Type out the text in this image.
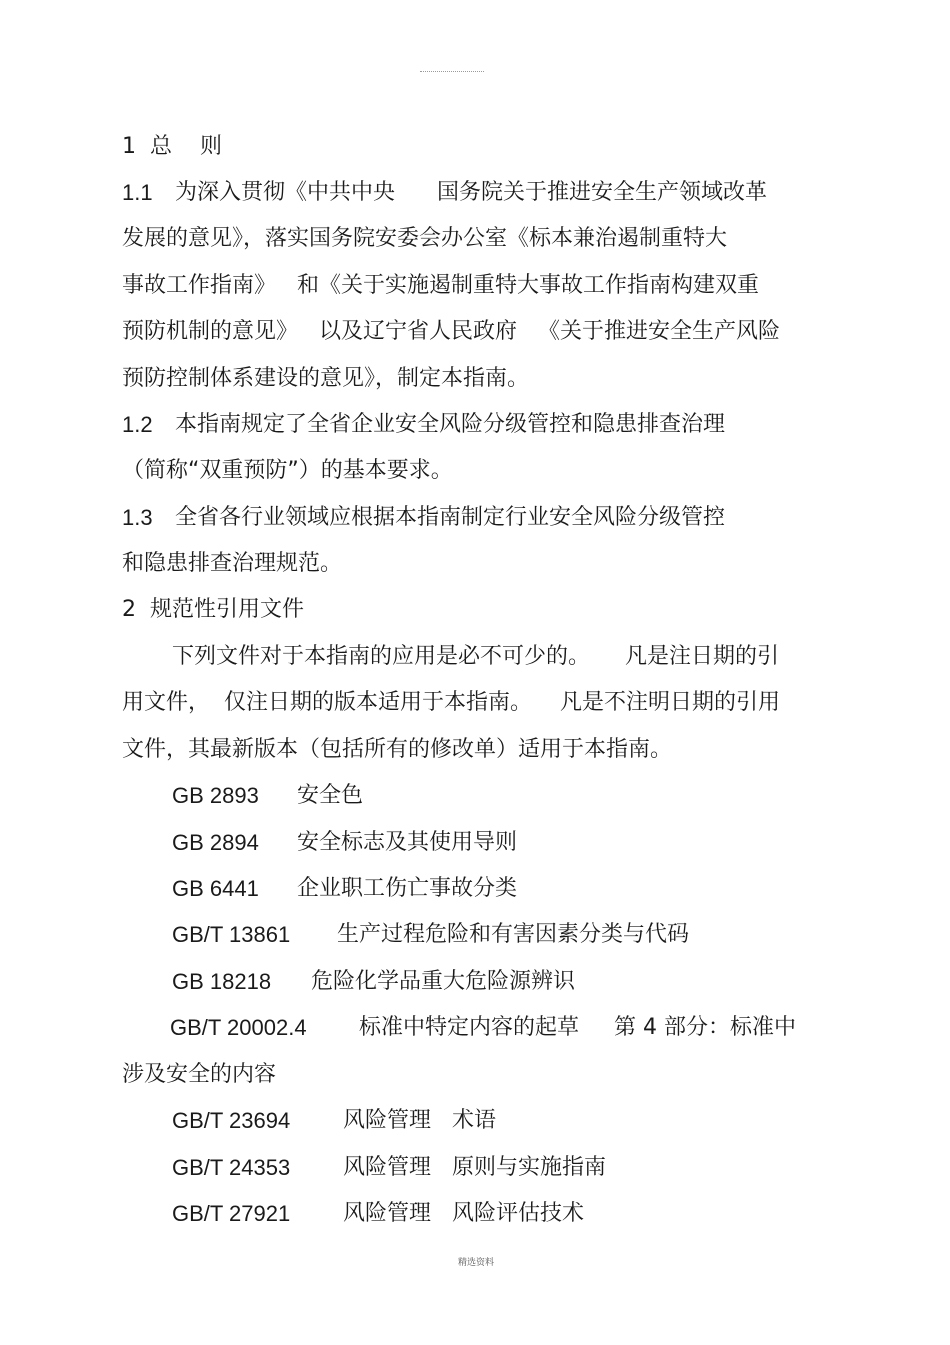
1  总    则
1.1 为深入贯彻《中共中央      国务院关于推进安全生产领域改革
发展的意见》，落实国务院安委会办公室《标本兼治遏制重特大
事故工作指南》   和《关于实施遏制重特大事故工作指南构建双重
预防机制的意见》   以及辽宁省人民政府   《关于推进安全生产风险
预防控制体系建设的意见》，制定本指南。
1.2 本指南规定了全省企业安全风险分级管控和隐患排查治理
（简称“双重预防”）的基本要求。
1.3 全省各行业领域应根据本指南制定行业安全风险分级管控
和隐患排查治理规范。
2  规范性引用文件
下列文件对于本指南的应用是必不可少的。     凡是注日期的引
用文件，  仅注日期的版本适用于本指南。    凡是不注明日期的引用
文件，其最新版本（包括所有的修改单）适用于本指南。
GB 2893 安全色
GB 2894 安全标志及其使用导则
GB 6441 企业职工伤亡事故分类
GB/T 13861 生产过程危险和有害因素分类与代码
GB 18218 危险化学品重大危险源辨识
GB/T 20002.4 标准中特定内容的起草     第 4 部分：标准中
涉及安全的内容
GB/T 23694 风险管理   术语
GB/T 24353 风险管理   原则与实施指南
GB/T 27921 风险管理   风险评估技术
精选资料
